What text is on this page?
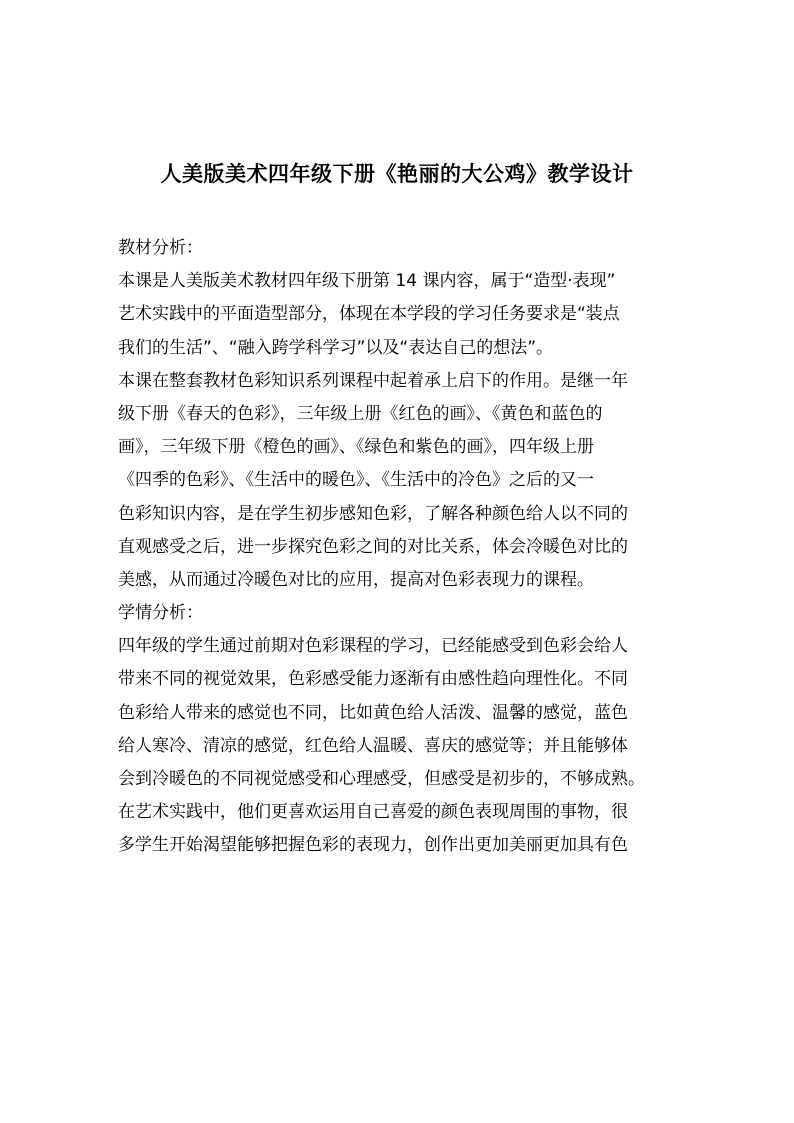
人美版美术四年级下册《艳丽的大公鸡》教学设计
教材分析：
本课是人美版美术教材四年级下册第 14 课内容，属于“造型·表现”
艺术实践中的平面造型部分，体现在本学段的学习任务要求是“装点
我们的生活”、“融入跨学科学习”以及“表达自己的想法”。
本课在整套教材色彩知识系列课程中起着承上启下的作用。是继一年
级下册《春天的色彩》，三年级上册《红色的画》、《黄色和蓝色的
画》，三年级下册《橙色的画》、《绿色和紫色的画》，四年级上册
《四季的色彩》、《生活中的暖色》、《生活中的冷色》之后的又一
色彩知识内容，是在学生初步感知色彩，了解各种颜色给人以不同的
直观感受之后，进一步探究色彩之间的对比关系，体会冷暖色对比的
美感，从而通过冷暖色对比的应用，提高对色彩表现力的课程。
学情分析：
四年级的学生通过前期对色彩课程的学习，已经能感受到色彩会给人
带来不同的视觉效果，色彩感受能力逐渐有由感性趋向理性化。不同
色彩给人带来的感觉也不同，比如黄色给人活泼、温馨的感觉，蓝色
给人寒冷、清凉的感觉，红色给人温暖、喜庆的感觉等；并且能够体
会到冷暖色的不同视觉感受和心理感受，但感受是初步的，不够成熟。
在艺术实践中，他们更喜欢运用自己喜爱的颜色表现周围的事物，很
多学生开始渴望能够把握色彩的表现力，创作出更加美丽更加具有色
